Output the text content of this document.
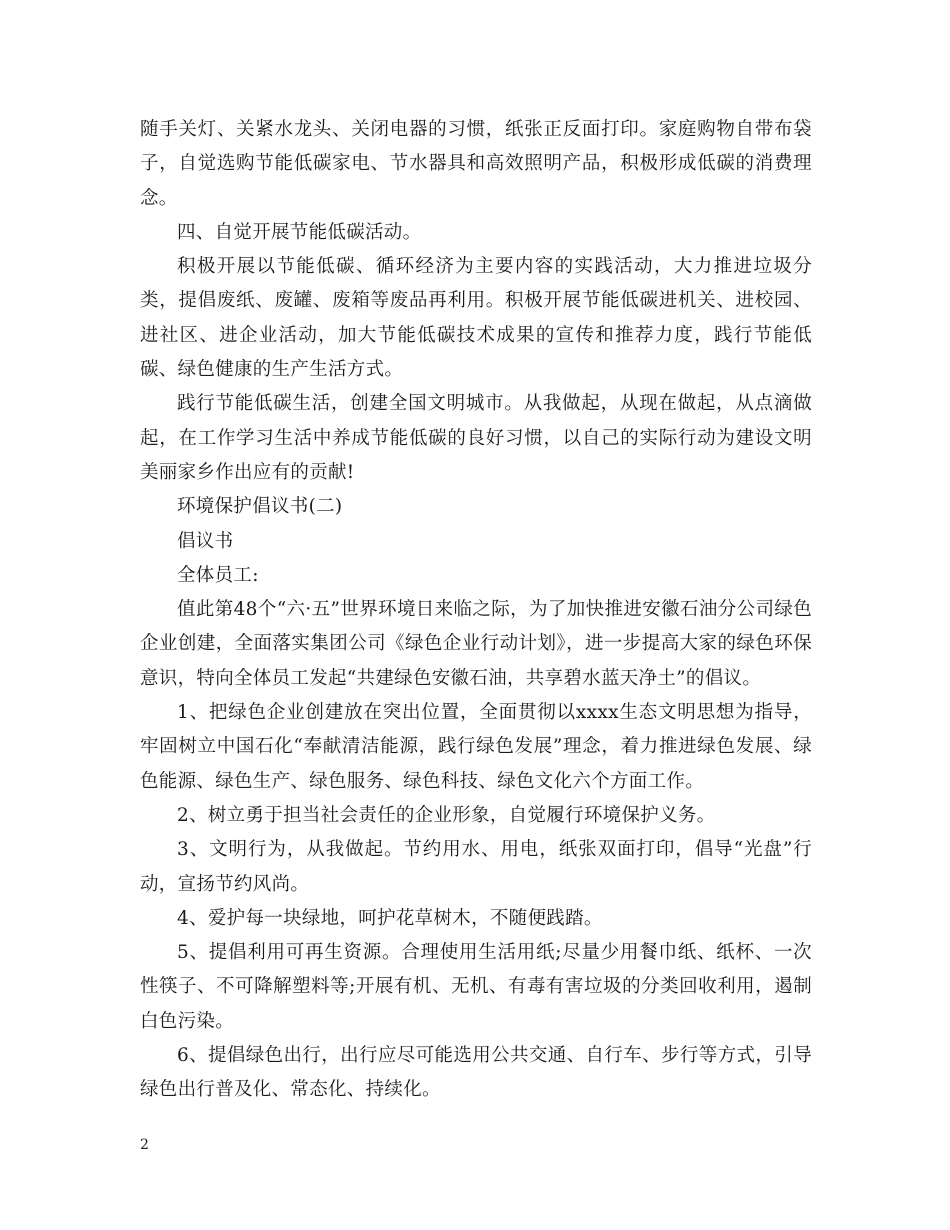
随手关灯、关紧水龙头、关闭电器的习惯，纸张正反面打印。家庭购物自带布袋子，自觉选购节能低碳家电、节水器具和高效照明产品，积极形成低碳的消费理念。

四、自觉开展节能低碳活动。

积极开展以节能低碳、循环经济为主要内容的实践活动，大力推进垃圾分类，提倡废纸、废罐、废箱等废品再利用。积极开展节能低碳进机关、进校园、进社区、进企业活动，加大节能低碳技术成果的宣传和推荐力度，践行节能低碳、绿色健康的生产生活方式。

践行节能低碳生活，创建全国文明城市。从我做起，从现在做起，从点滴做起，在工作学习生活中养成节能低碳的良好习惯，以自己的实际行动为建设文明美丽家乡作出应有的贡献!

环境保护倡议书(二)

倡议书

全体员工:

值此第48个“六·五”世界环境日来临之际，为了加快推进安徽石油分公司绿色企业创建，全面落实集团公司《绿色企业行动计划》，进一步提高大家的绿色环保意识，特向全体员工发起“共建绿色安徽石油，共享碧水蓝天净土”的倡议。

1、把绿色企业创建放在突出位置，全面贯彻以xxxx生态文明思想为指导，牢固树立中国石化“奉献清洁能源，践行绿色发展”理念，着力推进绿色发展、绿色能源、绿色生产、绿色服务、绿色科技、绿色文化六个方面工作。

2、树立勇于担当社会责任的企业形象，自觉履行环境保护义务。

3、文明行为，从我做起。节约用水、用电，纸张双面打印，倡导“光盘”行动，宣扬节约风尚。

4、爱护每一块绿地，呵护花草树木，不随便践踏。

5、提倡利用可再生资源。合理使用生活用纸;尽量少用餐巾纸、纸杯、一次性筷子、不可降解塑料等;开展有机、无机、有毒有害垃圾的分类回收利用，遏制白色污染。

6、提倡绿色出行，出行应尽可能选用公共交通、自行车、步行等方式，引导绿色出行普及化、常态化、持续化。

2
